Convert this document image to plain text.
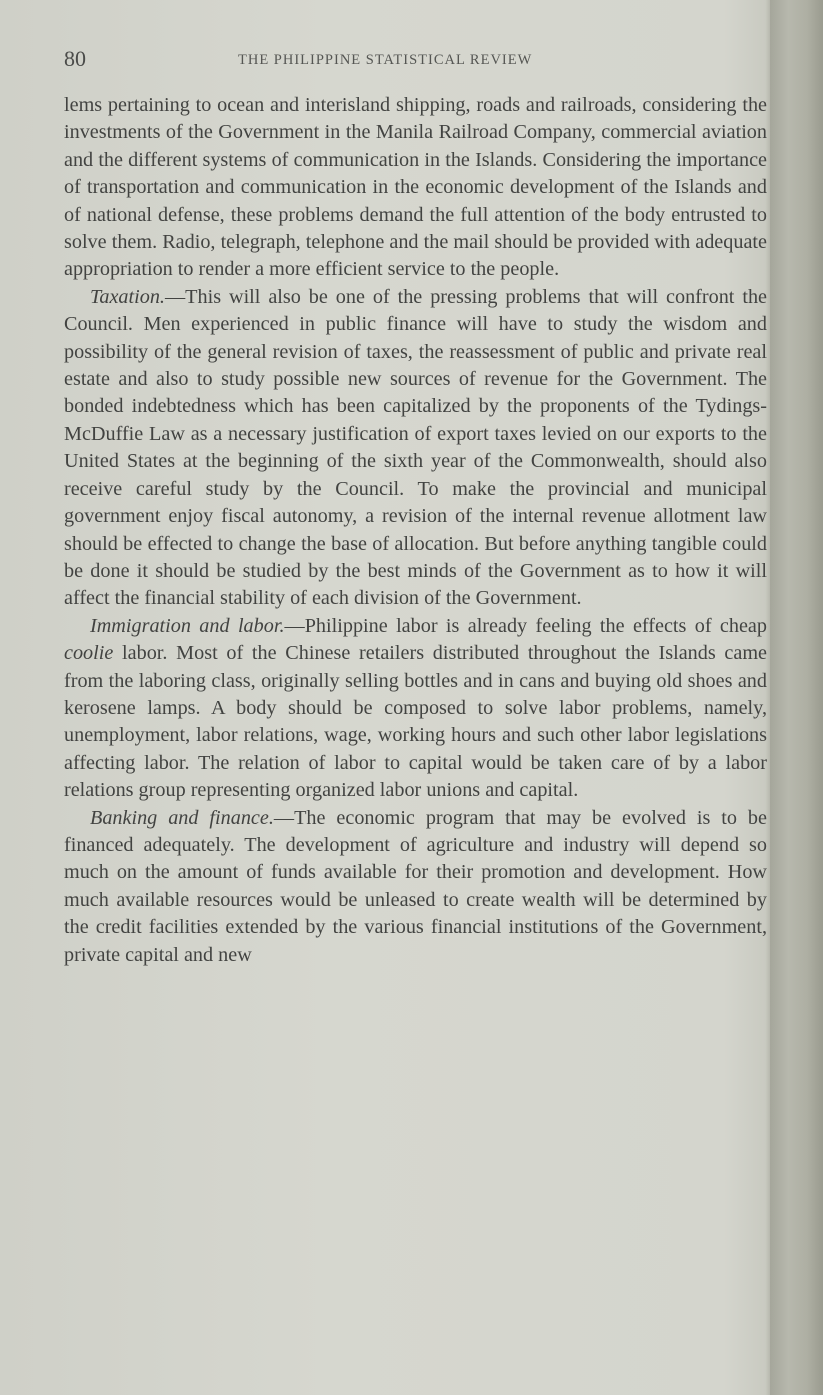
80	THE PHILIPPINE STATISTICAL REVIEW

lems pertaining to ocean and interisland shipping, roads and railroads, considering the investments of the Government in the Manila Railroad Company, commercial aviation and the different systems of communication in the Islands. Considering the importance of transportation and communication in the economic development of the Islands and of national defense, these problems demand the full attention of the body entrusted to solve them. Radio, telegraph, telephone and the mail should be provided with adequate appropriation to render a more efficient service to the people.

Taxation.—This will also be one of the pressing problems that will confront the Council. Men experienced in public finance will have to study the wisdom and possibility of the general revision of taxes, the reassessment of public and private real estate and also to study possible new sources of revenue for the Government. The bonded indebtedness which has been capitalized by the proponents of the Tydings-McDuffie Law as a necessary justification of export taxes levied on our exports to the United States at the beginning of the sixth year of the Commonwealth, should also receive careful study by the Council. To make the provincial and municipal government enjoy fiscal autonomy, a revision of the internal revenue allotment law should be effected to change the base of allocation. But before anything tangible could be done it should be studied by the best minds of the Government as to how it will affect the financial stability of each division of the Government.

Immigration and labor.—Philippine labor is already feeling the effects of cheap coolie labor. Most of the Chinese retailers distributed throughout the Islands came from the laboring class, originally selling bottles and in cans and buying old shoes and kerosene lamps. A body should be composed to solve labor problems, namely, unemployment, labor relations, wage, working hours and such other labor legislations affecting labor. The relation of labor to capital would be taken care of by a labor relations group representing organized labor unions and capital.

Banking and finance.—The economic program that may be evolved is to be financed adequately. The development of agriculture and industry will depend so much on the amount of funds available for their promotion and development. How much available resources would be unleased to create wealth will be determined by the credit facilities extended by the various financial institutions of the Government, private capital and new
